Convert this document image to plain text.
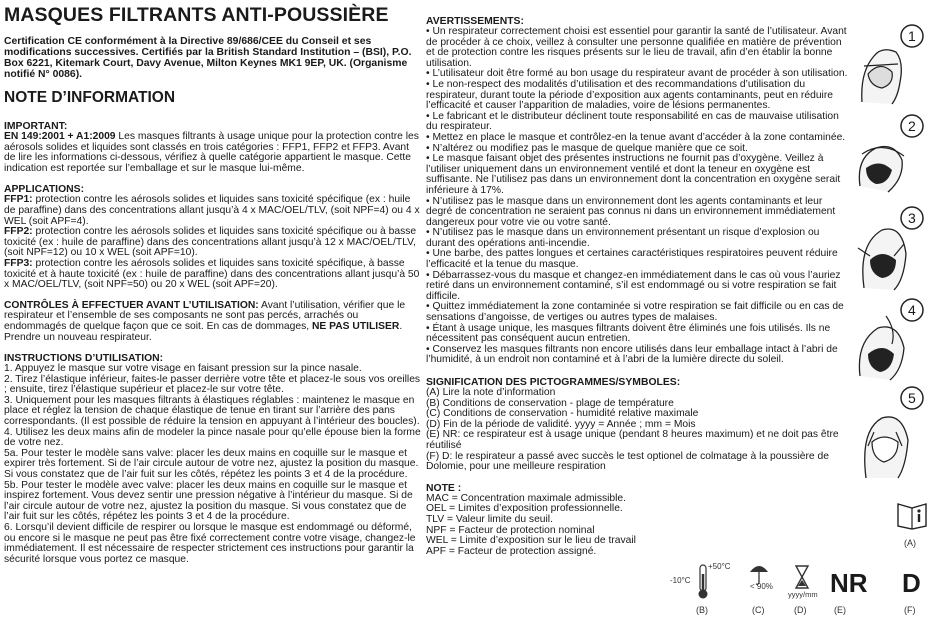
MASQUES FILTRANTS ANTI-POUSSIÈRE
Certification CE conformément à la Directive 89/686/CEE du Conseil et ses modifications successives. Certifiés par la British Standard Institution – (BSI), P.O. Box 6221, Kitemark Court, Davy Avenue, Milton Keynes MK1 9EP, UK. (Organisme notifié N° 0086).
NOTE D’INFORMATION
IMPORTANT:

EN 149:2001 + A1:2009 Les masques filtrants à usage unique pour la protection contre les aérosols solides et liquides sont classés en trois catégories : FFP1, FFP2 et FFP3. Avant de lire les informations ci-dessous, vérifiez à quelle catégorie appartient le masque. Cette indication est reportée sur l’emballage et sur le masque lui-même.

APPLICATIONS:

FFP1: protection contre les aérosols solides et liquides sans toxicité spécifique (ex : huile de paraffine) dans des concentrations allant jusqu’à 4 x MAC/OEL/TLV, (soit NPF=4) ou 4 x WEL (soit APF=4).

FFP2: protection contre les aérosols solides et liquides sans toxicité spécifique ou à basse toxicité (ex : huile de paraffine) dans des concentrations allant jusqu’à 12 x MAC/OEL/TLV, (soit NPF=12) ou 10 x WEL (soit APF=10).

FFP3: protection contre les aérosols solides et liquides sans toxicité spécifique, à basse toxicité et à haute toxicité (ex : huile de paraffine) dans des concentrations allant jusqu’à 50 x MAC/OEL/TLV, (soit NPF=50) ou 20 x WEL (soit APF=20).

CONTRÔLES À EFFECTUER AVANT L’UTILISATION: Avant l’utilisation, vérifier que le respirateur et l’ensemble de ses composants ne sont pas percés, arrachés ou endommagés de quelque façon que ce soit. En cas de dommages, NE PAS UTILISER. Prendre un nouveau respirateur.

INSTRUCTIONS D’UTILISATION:

1. Appuyez le masque sur votre visage en faisant pression sur la pince nasale.

2. Tirez l’élastique inférieur, faites-le passer derrière votre tête et placez-le sous vos oreilles ; ensuite, tirez l’élastique supérieur et placez-le sur votre tête.

3. Uniquement pour les masques filtrants à élastiques réglables : maintenez le masque en place et réglez la tension de chaque élastique de tenue en tirant sur l’arrière des pans correspondants. (Il est possible de réduire la tension en appuyant à l’intérieur des boucles).

4. Utilisez les deux mains afin de modeler la pince nasale pour qu’elle épouse bien la forme de votre nez.

5a. Pour tester le modèle sans valve: placer les deux mains en coquille sur le masque et expirer très fortement. Si de l’air circule autour de votre nez, ajustez la position du masque. Si vous constatez que de l’air fuit sur les côtés, répétez les points 3 et 4 de la procédure.

5b. Pour tester le modèle avec valve: placer les deux mains en coquille sur le masque et inspirez fortement. Vous devez sentir une pression négative à l’intérieur du masque. Si de l’air circule autour de votre nez, ajustez la position du masque. Si vous constatez que de l’air fuit sur les côtés, répétez les points 3 et 4 de la procédure.

6. Lorsqu’il devient difficile de respirer ou lorsque le masque est endommagé ou déformé, ou encore si le masque ne peut pas être fixé correctement contre votre visage, changez-le immédiatement. Il est nécessaire de respecter strictement ces instructions pour garantir la sécurité lorsque vous portez ce masque.

AVERTISSEMENTS:

• Un respirateur correctement choisi est essentiel pour garantir la santé de l’utilisateur. Avant de procéder à ce choix, veillez à consulter une personne qualifiée en matière de prévention et de protection contre les risques présents sur le lieu de travail, afin d’en établir la bonne utilisation.

• L’utilisateur doit être formé au bon usage du respirateur avant de procéder à son utilisation.

• Le non-respect des modalités d’utilisation et des recommandations d’utilisation du respirateur, durant toute la période d’exposition aux agents contaminants, peut en réduire l’efficacité et causer l’apparition de maladies, voire de lésions permanentes.

• Le fabricant et le distributeur déclinent toute responsabilité en cas de mauvaise utilisation du respirateur.

• Mettez en place le masque et contrôlez-en la tenue avant d’accéder à la zone contaminée.

• N’altérez ou modifiez pas le masque de quelque manière que ce soit.

• Le masque faisant objet des présentes instructions ne fournit pas d’oxygène. Veillez à l’utiliser uniquement dans un environnement ventilé et dont la teneur en oxygène est suffisante. Ne l’utilisez pas dans un environnement dont la concentration en oxygène serait inférieure à 17%.

• N’utilisez pas le masque dans un environnement dont les agents contaminants et leur degré de concentration ne seraient pas connus ni dans un environnement immédiatement dangereux pour votre vie ou votre santé.

• N’utilisez pas le masque dans un environnement présentant un risque d’explosion ou durant des opérations anti-incendie.

• Une barbe, des pattes longues et certaines caractéristiques respiratoires peuvent réduire l’efficacité et la tenue du masque.

• Débarrassez-vous du masque et changez-en immédiatement dans le cas où vous l’auriez retiré dans un environnement contaminé, s’il est endommagé ou si votre respiration se fait difficile.

• Quittez immédiatement la zone contaminée si votre respiration se fait difficile ou en cas de sensations d’angoisse, de vertiges ou autres types de malaises.

• Étant à usage unique, les masques filtrants doivent être éliminés une fois utilisés. Ils ne nécessitent pas conséquent aucun entretien.

• Conservez les masques filtrants non encore utilisés dans leur emballage intact à l’abri de l’humidité, à un endroit non contaminé et à l’abri de la lumière directe du soleil.

SIGNIFICATION DES PICTOGRAMMES/SYMBOLES:

(A) Lire la note d’information

(B) Conditions de conservation - plage de température

(C) Conditions de conservation - humidité relative maximale

(D) Fin de la période de validité. yyyy = Année ; mm = Mois

(E) NR: ce respirateur est à usage unique (pendant 8 heures maximum) et ne doit pas être réutilisé

(F) D: le respirateur a passé avec succès le test optionel de colmatage à la poussière de Dolomie, pour une meilleure respiration

NOTE :

MAC = Concentration maximale admissible.

OEL = Limites d’exposition professionnelle.

TLV = Valeur limite du seuil.

NPF = Facteur de protection nominal

WEL = Limite d’exposition sur le lieu de travail

APF = Facteur de protection assigné.

-10°C
+50°C
< 90%
yyyy/mm NR
(B)	(C)	(D)	(E)
1
2
3
4
5
(A)
D
(F)
